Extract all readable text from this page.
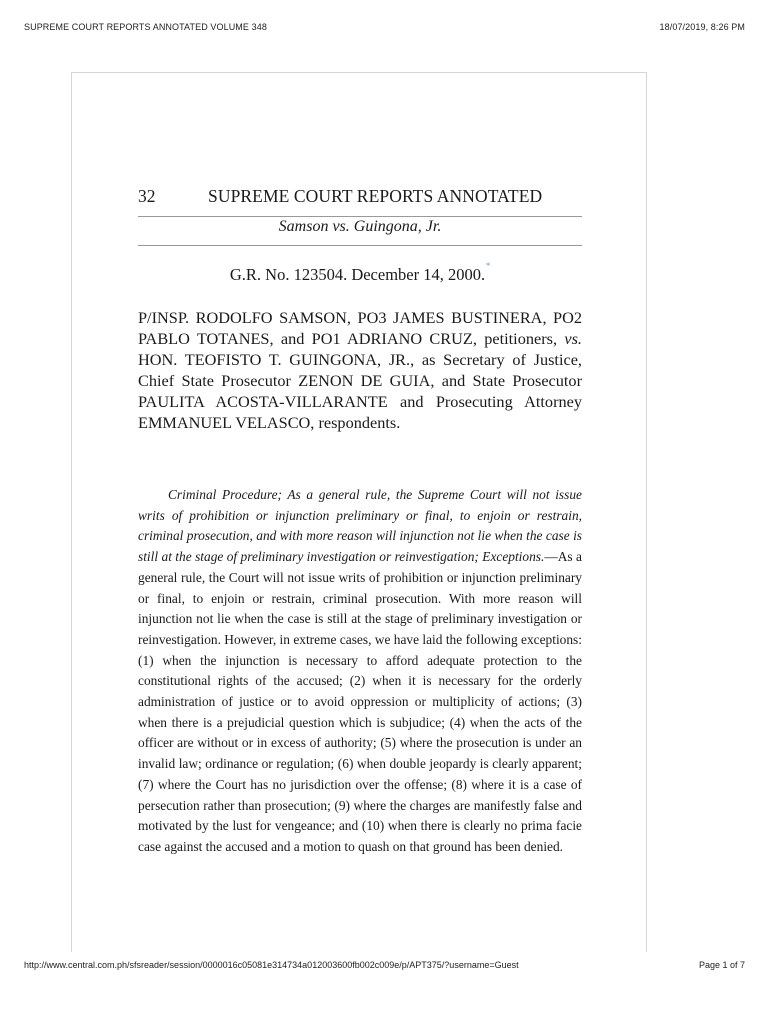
SUPREME COURT REPORTS ANNOTATED VOLUME 348	18/07/2019, 8:26 PM
32	SUPREME COURT REPORTS ANNOTATED
Samson vs. Guingona, Jr.
G.R. No. 123504. December 14, 2000.*
P/INSP. RODOLFO SAMSON, PO3 JAMES BUSTINERA, PO2 PABLO TOTANES, and PO1 ADRIANO CRUZ, petitioners, vs. HON. TEOFISTO T. GUINGONA, JR., as Secretary of Justice, Chief State Prosecutor ZENON DE GUIA, and State Prosecutor PAULITA ACOSTA-VILLARANTE and Prosecuting Attorney EMMANUEL VELASCO, respondents.
Criminal Procedure; As a general rule, the Supreme Court will not issue writs of prohibition or injunction preliminary or final, to enjoin or restrain, criminal prosecution, and with more reason will injunction not lie when the case is still at the stage of preliminary investigation or reinvestigation; Exceptions.—As a general rule, the Court will not issue writs of prohibition or injunction preliminary or final, to enjoin or restrain, criminal prosecution. With more reason will injunction not lie when the case is still at the stage of preliminary investigation or reinvestigation. However, in extreme cases, we have laid the following exceptions: (1) when the injunction is necessary to afford adequate protection to the constitutional rights of the accused; (2) when it is necessary for the orderly administration of justice or to avoid oppression or multiplicity of actions; (3) when there is a prejudicial question which is subjudice; (4) when the acts of the officer are without or in excess of authority; (5) where the prosecution is under an invalid law; ordinance or regulation; (6) when double jeopardy is clearly apparent; (7) where the Court has no jurisdiction over the offense; (8) where it is a case of persecution rather than prosecution; (9) where the charges are manifestly false and motivated by the lust for vengeance; and (10) when there is clearly no prima facie case against the accused and a motion to quash on that ground has been denied.
http://www.central.com.ph/sfsreader/session/0000016c05081e314734a012003600fb002c009e/p/APT375/?username=Guest	Page 1 of 7
